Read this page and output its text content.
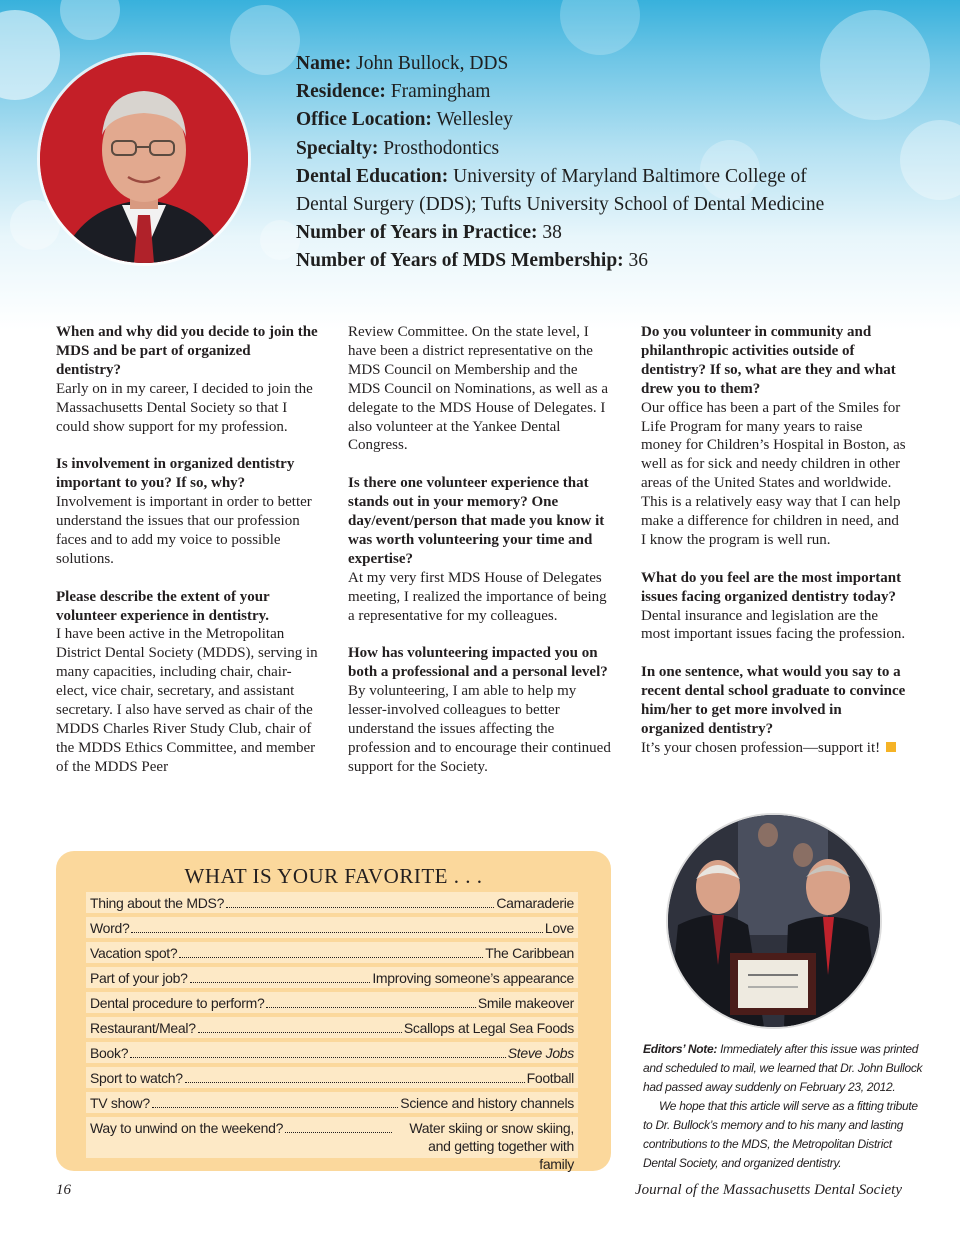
Name: John Bullock, DDS
Residence: Framingham
Office Location: Wellesley
Specialty: Prosthodontics
Dental Education: University of Maryland Baltimore College of
Dental Surgery (DDS); Tufts University School of Dental Medicine
Number of Years in Practice: 38
Number of Years of MDS Membership: 36
When and why did you decide to join the MDS and be part of organized dentistry?
Early on in my career, I decided to join the Massachusetts Dental Society so that I could show support for my profession.
Is involvement in organized dentistry important to you? If so, why?
Involvement is important in order to better understand the issues that our profession faces and to add my voice to possible solutions.
Please describe the extent of your volunteer experience in dentistry.
I have been active in the Metropolitan District Dental Society (MDDS), serving in many capacities, including chair, chair-elect, vice chair, secretary, and assistant secretary. I also have served as chair of the MDDS Charles River Study Club, chair of the MDDS Ethics Committee, and member of the MDDS Peer
Review Committee. On the state level, I have been a district representative on the MDS Council on Membership and the MDS Council on Nominations, as well as a delegate to the MDS House of Delegates. I also volunteer at the Yankee Dental Congress.
Is there one volunteer experience that stands out in your memory? One day/event/person that made you know it was worth volunteering your time and expertise?
At my very first MDS House of Delegates meeting, I realized the importance of being a representative for my colleagues.
How has volunteering impacted you on both a professional and a personal level?
By volunteering, I am able to help my lesser-involved colleagues to better understand the issues affecting the profession and to encourage their continued support for the Society.
Do you volunteer in community and philanthropic activities outside of dentistry? If so, what are they and what drew you to them?
Our office has been a part of the Smiles for Life Program for many years to raise money for Children’s Hospital in Boston, as well as for sick and needy children in other areas of the United States and worldwide. This is a relatively easy way that I can help make a difference for children in need, and I know the program is well run.
What do you feel are the most important issues facing organized dentistry today?
Dental insurance and legislation are the most important issues facing the profession.
In one sentence, what would you say to a recent dental school graduate to convince him/her to get more involved in organized dentistry?
It’s your chosen profession—support it!
WHAT IS YOUR FAVORITE . . .
Thing about the MDS?	Camaraderie
Word?	Love
Vacation spot?	The Caribbean
Part of your job?	Improving someone’s appearance
Dental procedure to perform?	Smile makeover
Restaurant/Meal?	Scallops at Legal Sea Foods
Book?	Steve Jobs
Sport to watch?	Football
TV show?	Science and history channels
Way to unwind on the weekend?	Water skiing or snow skiing, and getting together with family

Editors’ Note: Immediately after this issue was printed and scheduled to mail, we learned that Dr. John Bullock had passed away suddenly on February 23, 2012.

We hope that this article will serve as a fitting tribute to Dr. Bullock’s memory and to his many and lasting contributions to the MDS, the Metropolitan District Dental Society, and organized dentistry.

16	Journal of the Massachusetts Dental Society
